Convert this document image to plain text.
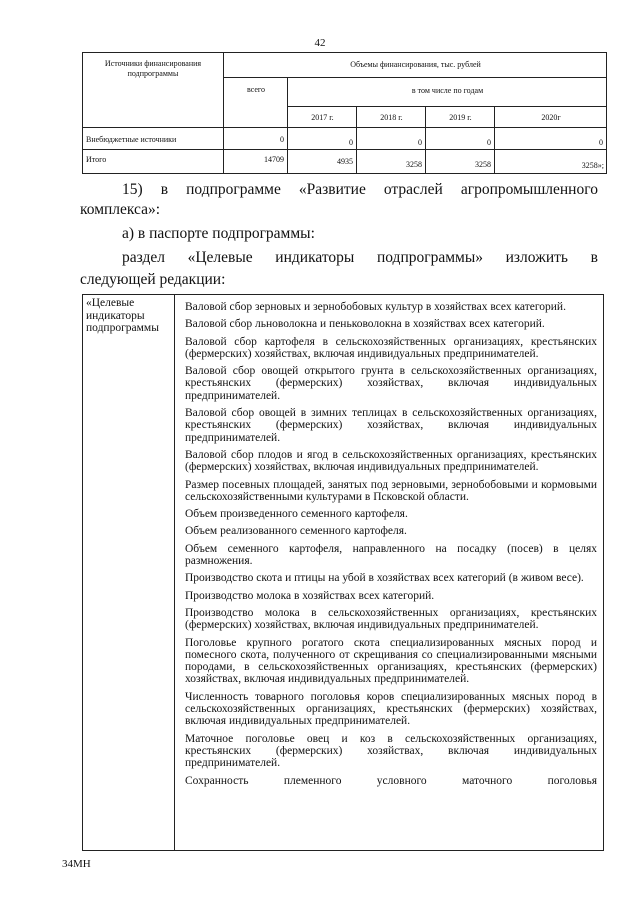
42
Источники финансирования подпрограммы
Объемы финансирования, тыс. рублей
всего	в том числе по годам
2017 г.	2018 г.	2019 г.	2020г
Внебюджетные источники	0	0	0	0	0
Итого	14709	4935	3258	3258	3258»;
15) в подпрограмме «Развитие отраслей агропромышленного
комплекса»:
а) в паспорте подпрограммы:
раздел «Целевые индикаторы подпрограммы» изложить в
следующей редакции:
«Целевые индикаторы подпрограммы
Валовой сбор зерновых и зернобобовых культур в хозяйствах всех категорий.
Валовой сбор льноволокна и пеньковолокна в хозяйствах всех категорий.
Валовой сбор картофеля в сельскохозяйственных организациях, крестьянских (фермерских) хозяйствах, включая индивидуальных предпринимателей.
Валовой сбор овощей открытого грунта в сельскохозяйственных организациях, крестьянских (фермерских) хозяйствах, включая индивидуальных предпринимателей.
Валовой сбор овощей в зимних теплицах в сельскохозяйственных организациях, крестьянских (фермерских) хозяйствах, включая индивидуальных предпринимателей.
Валовой сбор плодов и ягод в сельскохозяйственных организациях, крестьянских (фермерских) хозяйствах, включая индивидуальных предпринимателей.
Размер посевных площадей, занятых под зерновыми, зернобобовыми и кормовыми сельскохозяйственными культурами в Псковской области.
Объем произведенного семенного картофеля.
Объем реализованного семенного картофеля.
Объем семенного картофеля, направленного на посадку (посев) в целях размножения.
Производство скота и птицы на убой в хозяйствах всех категорий (в живом весе).
Производство молока в хозяйствах всех категорий.
Производство молока в сельскохозяйственных организациях, крестьянских (фермерских) хозяйствах, включая индивидуальных предпринимателей.
Поголовье крупного рогатого скота специализированных мясных пород и помесного скота, полученного от скрещивания со специализированными мясными породами, в сельскохозяйственных организациях, крестьянских (фермерских) хозяйствах, включая индивидуальных предпринимателей.
Численность товарного поголовья коров специализированных мясных пород в сельскохозяйственных организациях, крестьянских (фермерских) хозяйствах, включая индивидуальных предпринимателей.
Маточное поголовье овец и коз в сельскохозяйственных организациях, крестьянских (фермерских) хозяйствах, включая индивидуальных предпринимателей.
Сохранность племенного условного маточного поголовья
34МН
